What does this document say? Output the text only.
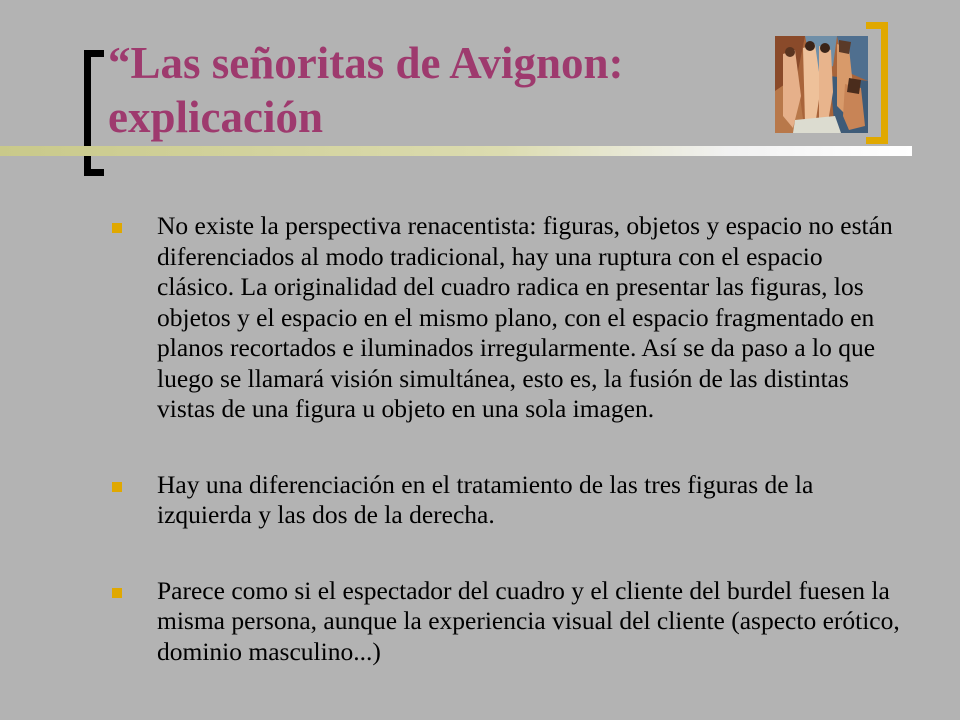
“Las señoritas de Avignon: explicación
No existe la perspectiva renacentista: figuras, objetos y espacio no están diferenciados al modo tradicional, hay una ruptura con el espacio clásico. La originalidad del cuadro radica en presentar las figuras, los objetos y el espacio en el mismo plano, con el espacio fragmentado en planos recortados e iluminados irregularmente. Así se da paso a lo que luego se llamará visión simultánea, esto es, la fusión de las distintas vistas de una figura u objeto en una sola imagen.
Hay una diferenciación en el tratamiento de las tres figuras de la izquierda y las dos de la derecha.
Parece como si el espectador del cuadro y el cliente del burdel fuesen la misma persona, aunque la experiencia visual del cliente (aspecto erótico, dominio masculino...)
